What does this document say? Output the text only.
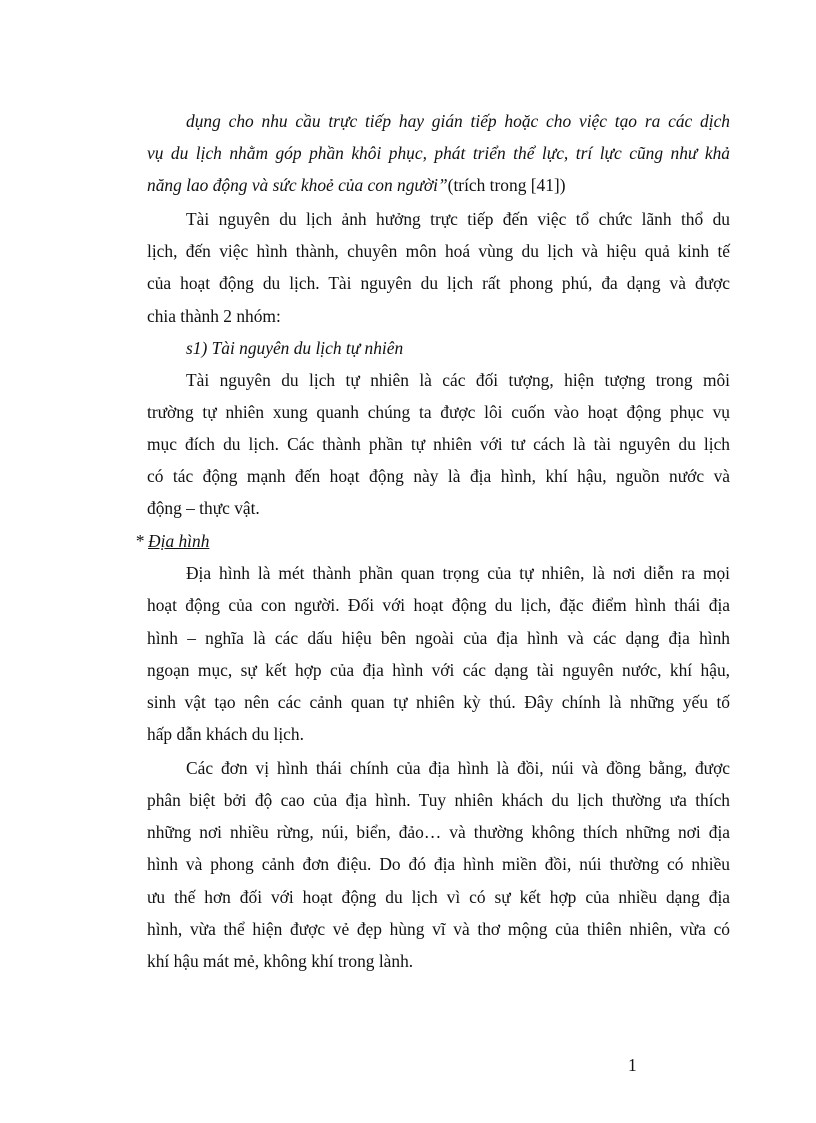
dụng cho nhu cầu trực tiếp hay gián tiếp hoặc cho việc tạo ra các dịch
vụ du lịch nhằm góp phần khôi phục, phát triển thể lực, trí lực cũng như khả
năng lao động và sức khoẻ của con người”(trích trong [41])
Tài nguyên du lịch ảnh hưởng trực tiếp đến việc tổ chức lãnh thổ du
lịch, đến việc hình thành, chuyên môn hoá vùng du lịch và hiệu quả kinh tế
của hoạt động du lịch. Tài nguyên du lịch rất phong phú, đa dạng và được
chia thành 2 nhóm:
s1) Tài nguyên du lịch tự nhiên
Tài nguyên du lịch tự nhiên là các đối tượng, hiện tượng trong môi
trường tự nhiên xung quanh chúng ta được lôi cuốn vào hoạt động phục vụ
mục đích du lịch. Các thành phần tự nhiên với tư cách là tài nguyên du lịch
có tác động mạnh đến hoạt động này là địa hình, khí hậu, nguồn nước và
động – thực vật.
* Địa hình
Địa hình là mét thành phần quan trọng của tự nhiên, là nơi diễn ra mọi
hoạt động của con người. Đối với hoạt động du lịch, đặc điểm hình thái địa
hình – nghĩa là các dấu hiệu bên ngoài của địa hình và các dạng địa hình
ngoạn mục, sự kết hợp của địa hình với các dạng tài nguyên nước, khí hậu,
sinh vật tạo nên các cảnh quan tự nhiên kỳ thú. Đây chính là những yếu tố
hấp dẫn khách du lịch.
Các đơn vị hình thái chính của địa hình là đồi, núi và đồng bằng, được
phân biệt bởi độ cao của địa hình. Tuy nhiên khách du lịch thường ưa thích
những nơi nhiều rừng, núi, biển, đảo… và thường không thích những nơi địa
hình và phong cảnh đơn điệu. Do đó địa hình miền đồi, núi thường có nhiều
ưu thế hơn đối với hoạt động du lịch vì có sự kết hợp của nhiều dạng địa
hình, vừa thể hiện được vẻ đẹp hùng vĩ và thơ mộng của thiên nhiên, vừa có
khí hậu mát mẻ, không khí trong lành.
1
